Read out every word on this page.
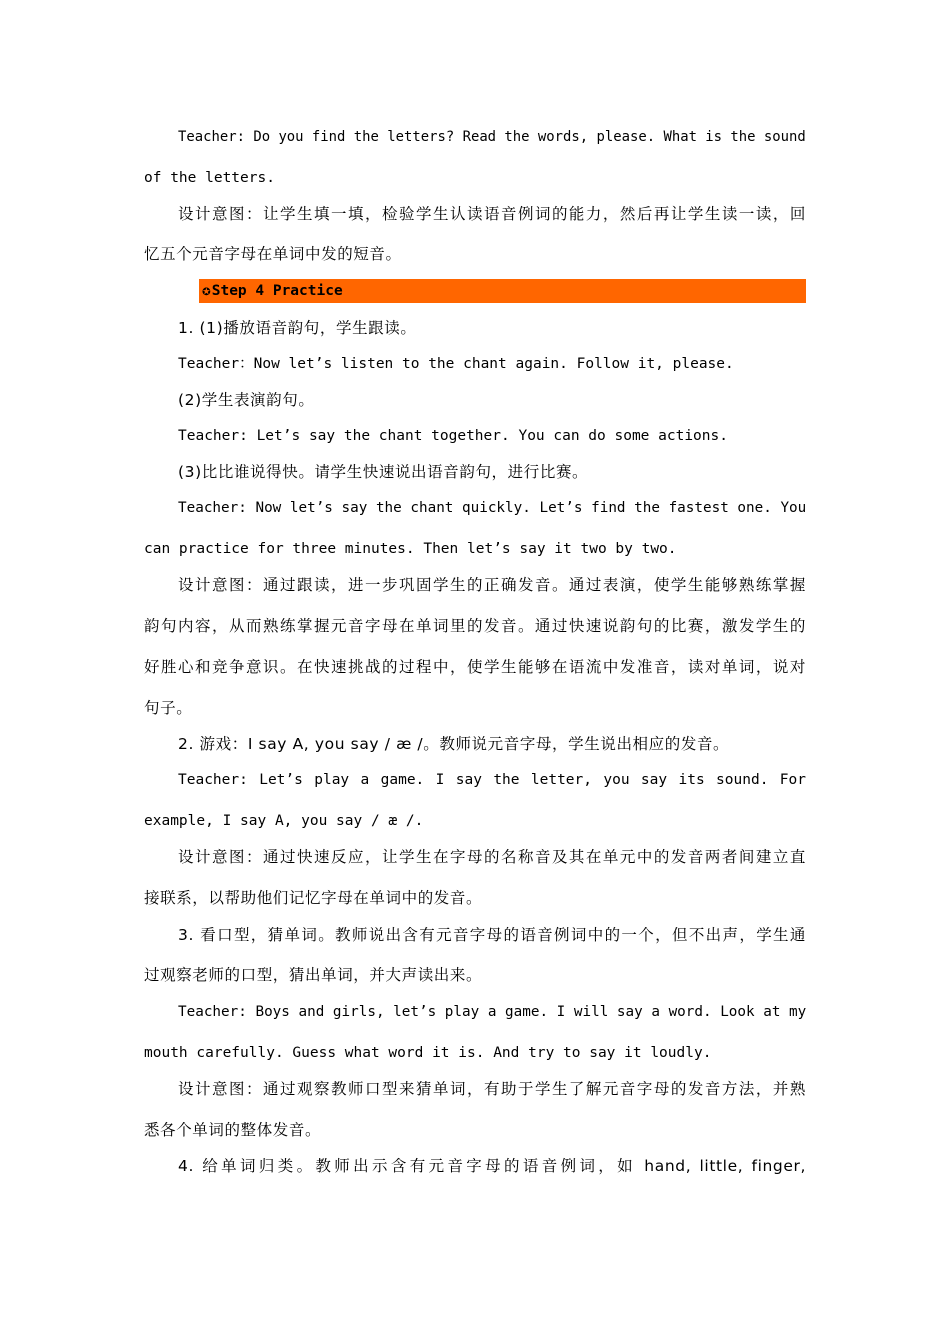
Teacher: Do you find the letters? Read the words, please. What is the sound
of the letters.
设计意图：让学生填一填，检验学生认读语音例词的能力，然后再让学生读一读，回
忆五个元音字母在单词中发的短音。
✪Step 4 Practice
1. (1)播放语音韵句，学生跟读。
Teacher：Now let’s listen to the chant again. Follow it, please.
(2)学生表演韵句。
Teacher: Let’s say the chant together. You can do some actions.
(3)比比谁说得快。请学生快速说出语音韵句，进行比赛。
Teacher: Now let’s say the chant quickly. Let’s find the fastest one. You
can practice for three minutes. Then let’s say it two by two.
设计意图：通过跟读，进一步巩固学生的正确发音。通过表演，使学生能够熟练掌握
韵句内容，从而熟练掌握元音字母在单词里的发音。通过快速说韵句的比赛，激发学生的
好胜心和竞争意识。在快速挑战的过程中，使学生能够在语流中发准音，读对单词，说对
句子。
2. 游戏：I say A, you say / æ /。教师说元音字母，学生说出相应的发音。
Teacher: Let’s play a game. I say the letter, you say its sound. For
example, I say A, you say / æ /.
设计意图：通过快速反应，让学生在字母的名称音及其在单元中的发音两者间建立直
接联系，以帮助他们记忆字母在单词中的发音。
3. 看口型，猜单词。教师说出含有元音字母的语音例词中的一个，但不出声，学生通
过观察老师的口型，猜出单词，并大声读出来。
Teacher: Boys and girls, let’s play a game. I will say a word. Look at my
mouth carefully. Guess what word it is. And try to say it loudly.
设计意图：通过观察教师口型来猜单词，有助于学生了解元音字母的发音方法，并熟
悉各个单词的整体发音。
4. 给单词归类。教师出示含有元音字母的语音例词，如 hand, little, finger,
